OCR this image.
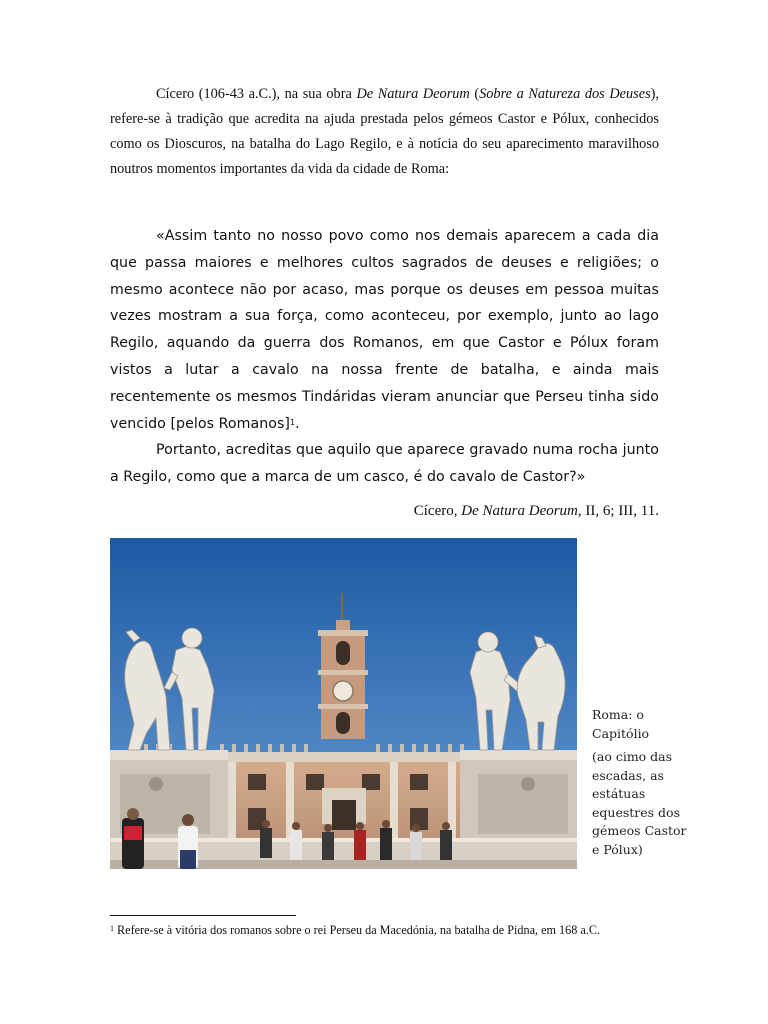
Cícero (106-43 a.C.), na sua obra De Natura Deorum (Sobre a Natureza dos Deuses), refere-se à tradição que acredita na ajuda prestada pelos gémeos Castor e Pólux, conhecidos como os Dioscuros, na batalha do Lago Regilo, e à notícia do seu aparecimento maravilhoso noutros momentos importantes da vida da cidade de Roma:

«Assim tanto no nosso povo como nos demais aparecem a cada dia que passa maiores e melhores cultos sagrados de deuses e religiões; o mesmo acontece não por acaso, mas porque os deuses em pessoa muitas vezes mostram a sua força, como aconteceu, por exemplo, junto ao lago Regilo, aquando da guerra dos Romanos, em que Castor e Pólux foram vistos a lutar a cavalo na nossa frente de batalha, e ainda mais recentemente os mesmos Tindáridas vieram anunciar que Perseu tinha sido vencido [pelos Romanos]$^1$.

Portanto, acreditas que aquilo que aparece gravado numa rocha junto a Regilo, como que a marca de um casco, é do cavalo de Castor?»

Cícero, De Natura Deorum, II, 6; III, 11.
Roma: o Capitólio
(ao cimo das escadas, as estátuas equestres dos gémeos Castor e Pólux)
$^1$ Refere-se à vitória dos romanos sobre o rei Perseu da Macedónia, na batalha de Pidna, em 168 a.C.
